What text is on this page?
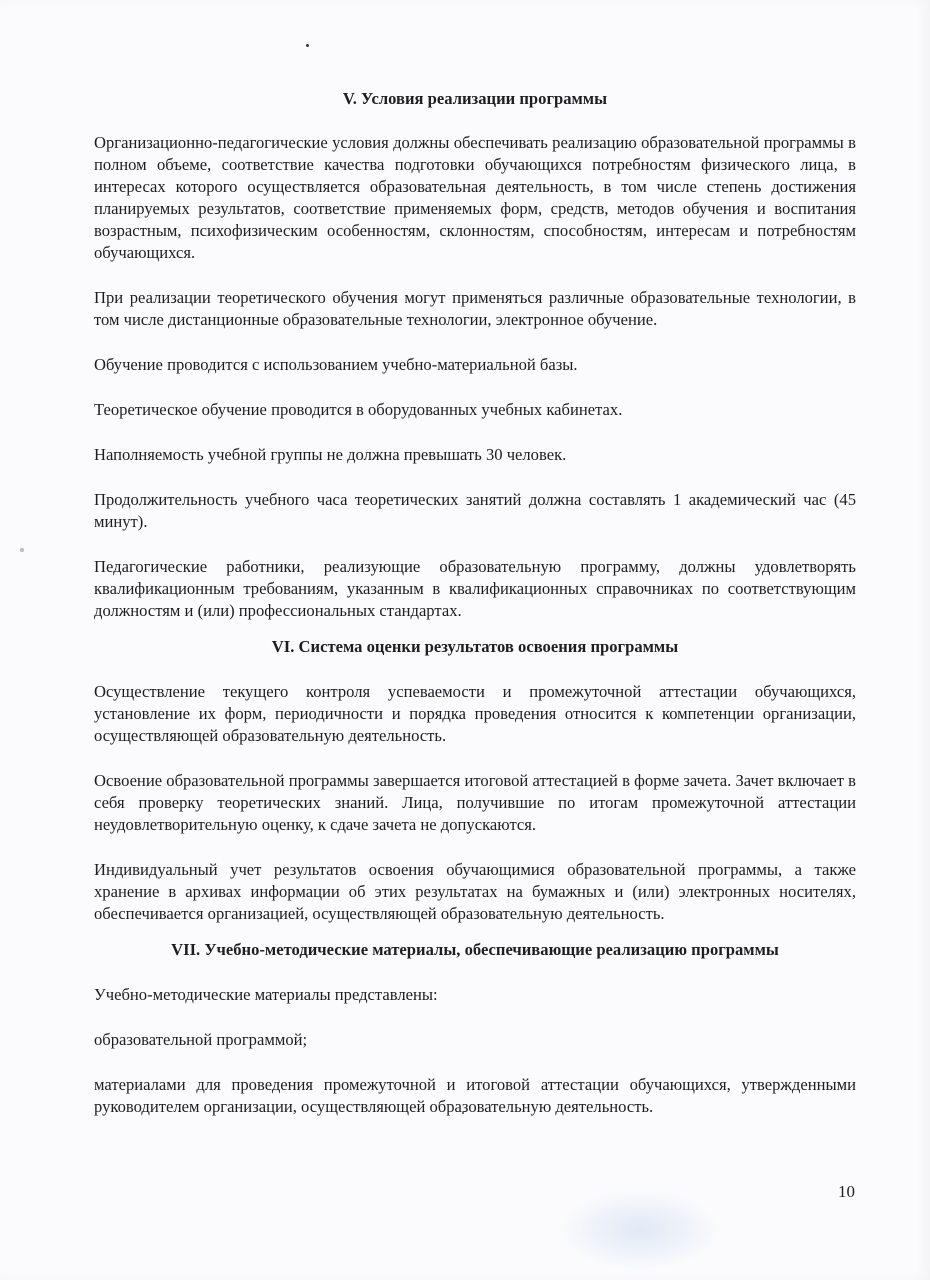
V. Условия реализации программы

Организационно-педагогические условия должны обеспечивать реализацию образовательной программы в полном объеме, соответствие качества подготовки обучающихся потребностям физического лица, в интересах которого осуществляется образовательная деятельность, в том числе степень достижения планируемых результатов, соответствие применяемых форм, средств, методов обучения и воспитания возрастным, психофизическим особенностям, склонностям, способностям, интересам и потребностям обучающихся.

При реализации теоретического обучения могут применяться различные образовательные технологии, в том числе дистанционные образовательные технологии, электронное обучение.

Обучение проводится с использованием учебно-материальной базы.

Теоретическое обучение проводится в оборудованных учебных кабинетах.

Наполняемость учебной группы не должна превышать 30 человек.

Продолжительность учебного часа теоретических занятий должна составлять 1 академический час (45 минут).

Педагогические работники, реализующие образовательную программу, должны удовлетворять квалификационным требованиям, указанным в квалификационных справочниках по соответствующим должностям и (или) профессиональных стандартах.

VI. Система оценки результатов освоения программы

Осуществление текущего контроля успеваемости и промежуточной аттестации обучающихся, установление их форм, периодичности и порядка проведения относится к компетенции организации, осуществляющей образовательную деятельность.

Освоение образовательной программы завершается итоговой аттестацией в форме зачета. Зачет включает в себя проверку теоретических знаний. Лица, получившие по итогам промежуточной аттестации неудовлетворительную оценку, к сдаче зачета не допускаются.

Индивидуальный учет результатов освоения обучающимися образовательной программы, а также хранение в архивах информации об этих результатах на бумажных и (или) электронных носителях, обеспечивается организацией, осуществляющей образовательную деятельность.

VII. Учебно-методические материалы, обеспечивающие реализацию программы

Учебно-методические материалы представлены:

образовательной программой;

материалами для проведения промежуточной и итоговой аттестации обучающихся, утвержденными руководителем организации, осуществляющей образовательную деятельность.

10
